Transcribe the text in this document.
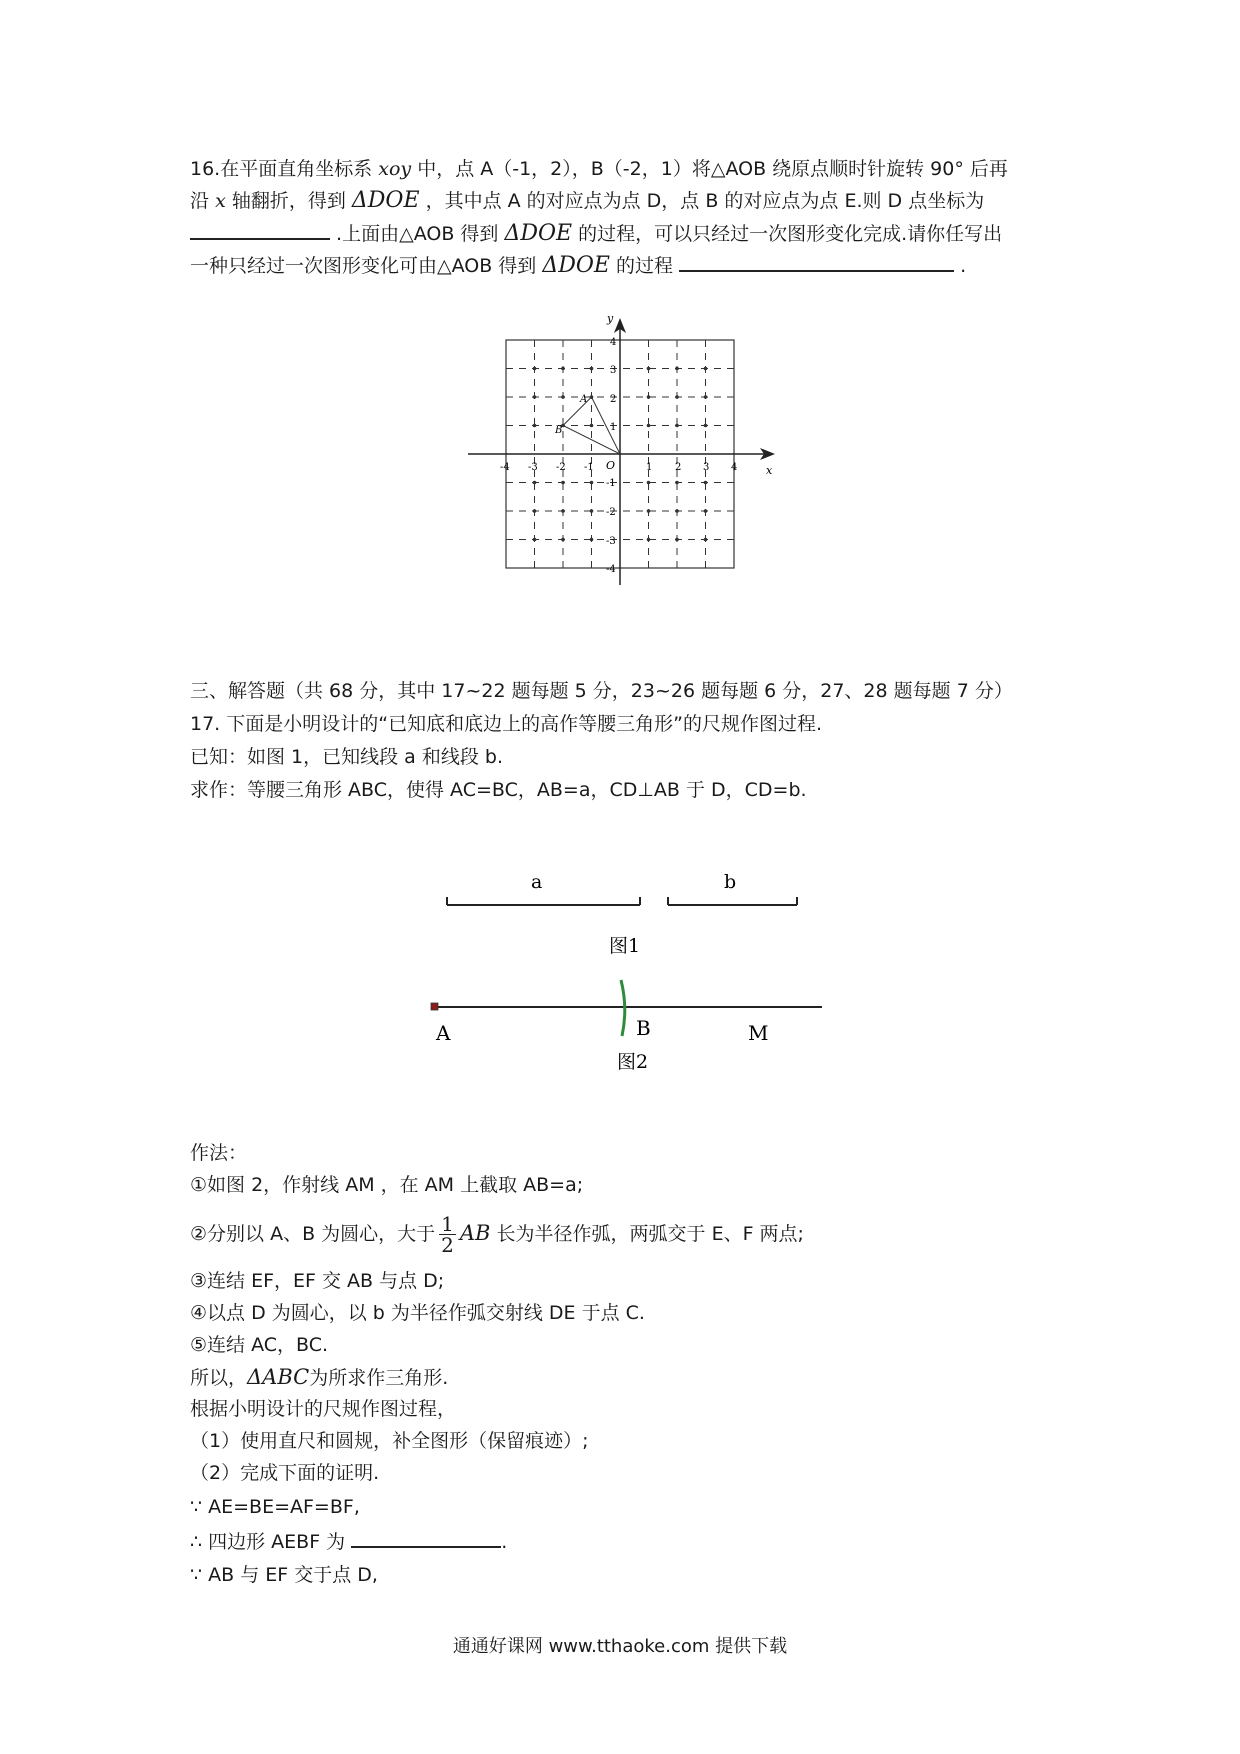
16.在平面直角坐标系 xoy 中，点 A（-1，2），B（-2，1）将△AOB 绕原点顺时针旋转 90° 后再
沿 x 轴翻折，得到 ΔDOE ，其中点 A 的对应点为点 D，点 B 的对应点为点 E.则 D 点坐标为
.上面由△AOB 得到 ΔDOE 的过程，可以只经过一次图形变化完成.请你任写出
一种只经过一次图形变化可由△AOB 得到 ΔDOE 的过程	.
x
y
O
-4 -3 -2 -1	1 2 3 4
4
3
2
1
-1
-2
-3
-4
A
B
三、解答题（共 68 分，其中 17~22 题每题 5 分，23~26 题每题 6 分，27、28 题每题 7 分）
17. 下面是小明设计的“已知底和底边上的高作等腰三角形”的尺规作图过程.
已知：如图 1，已知线段 a 和线段 b.
求作：等腰三角形 ABC，使得 AC=BC，AB=a，CD⊥AB 于 D，CD=b.
a	b
图1
A	B	M
图2
作法：
①如图 2，作射线 AM ，在 AM 上截取 AB=a;
②分别以 A、B 为圆心，大于 $\frac{1}{2}$ AB 长为半径作弧，两弧交于 E、F 两点;
③连结 EF，EF 交 AB 与点 D;
④以点 D 为圆心，以 b 为半径作弧交射线 DE 于点 C.
⑤连结 AC，BC.
所以，ΔABC为所求作三角形.
根据小明设计的尺规作图过程，
（1）使用直尺和圆规，补全图形（保留痕迹）;
（2）完成下面的证明.
∵ AE=BE=AF=BF,
∴ 四边形 AEBF 为	.
∵ AB 与 EF 交于点 D,
通通好课网 www.tthaoke.com 提供下载
